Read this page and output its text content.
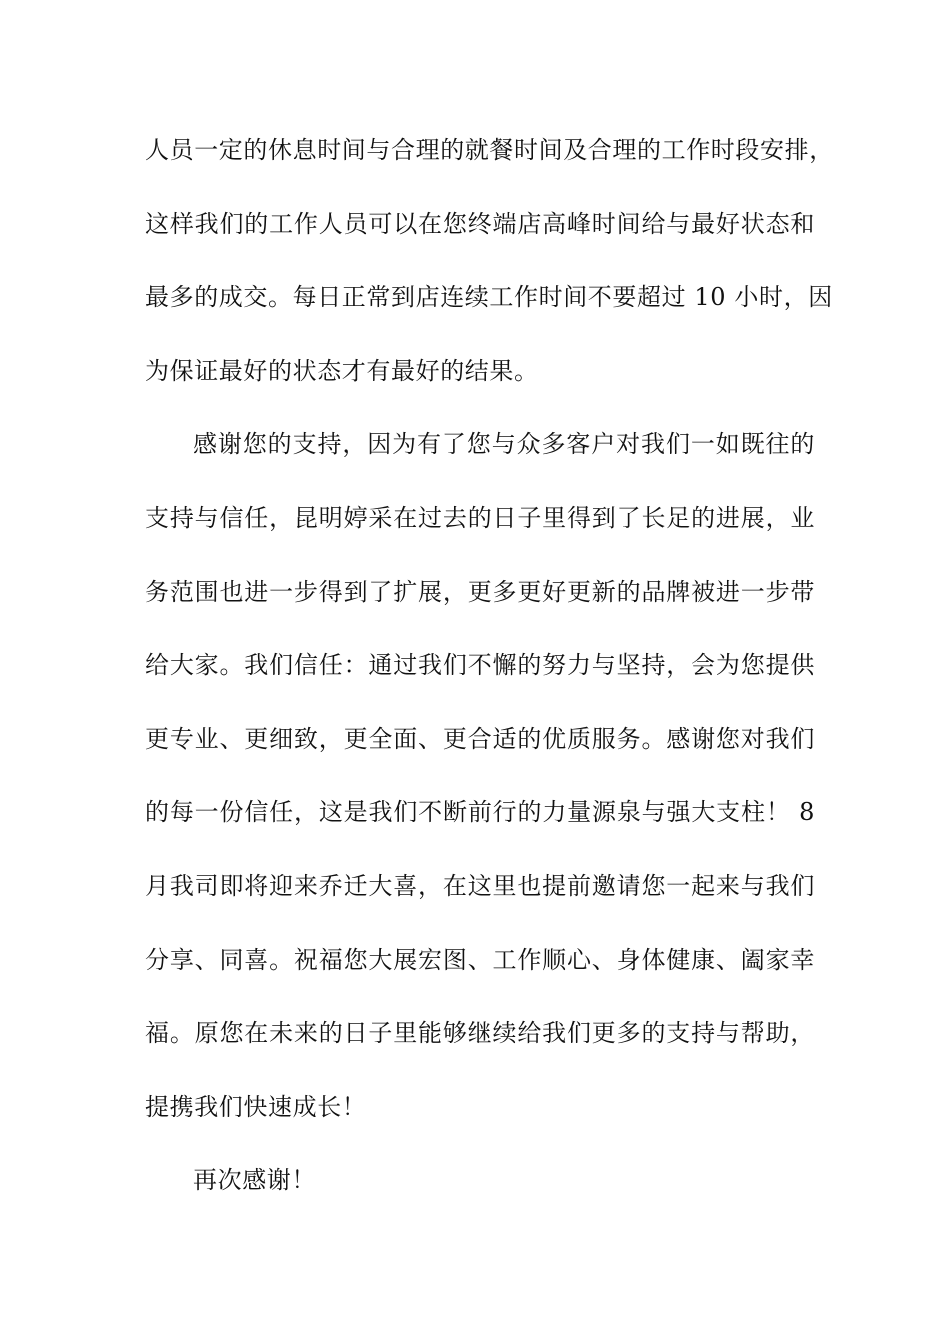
人员一定的休息时间与合理的就餐时间及合理的工作时段安排，
这样我们的工作人员可以在您终端店高峰时间给与最好状态和
最多的成交。每日正常到店连续工作时间不要超过 10 小时，因
为保证最好的状态才有最好的结果。
感谢您的支持，因为有了您与众多客户对我们一如既往的
支持与信任，昆明婷采在过去的日子里得到了长足的进展，业
务范围也进一步得到了扩展，更多更好更新的品牌被进一步带
给大家。我们信任：通过我们不懈的努力与坚持，会为您提供
更专业、更细致，更全面、更合适的优质服务。感谢您对我们
的每一份信任，这是我们不断前行的力量源泉与强大支柱！ 8
月我司即将迎来乔迁大喜，在这里也提前邀请您一起来与我们
分享、同喜。祝福您大展宏图、工作顺心、身体健康、阖家幸
福。原您在未来的日子里能够继续给我们更多的支持与帮助，
提携我们快速成长！
再次感谢！
